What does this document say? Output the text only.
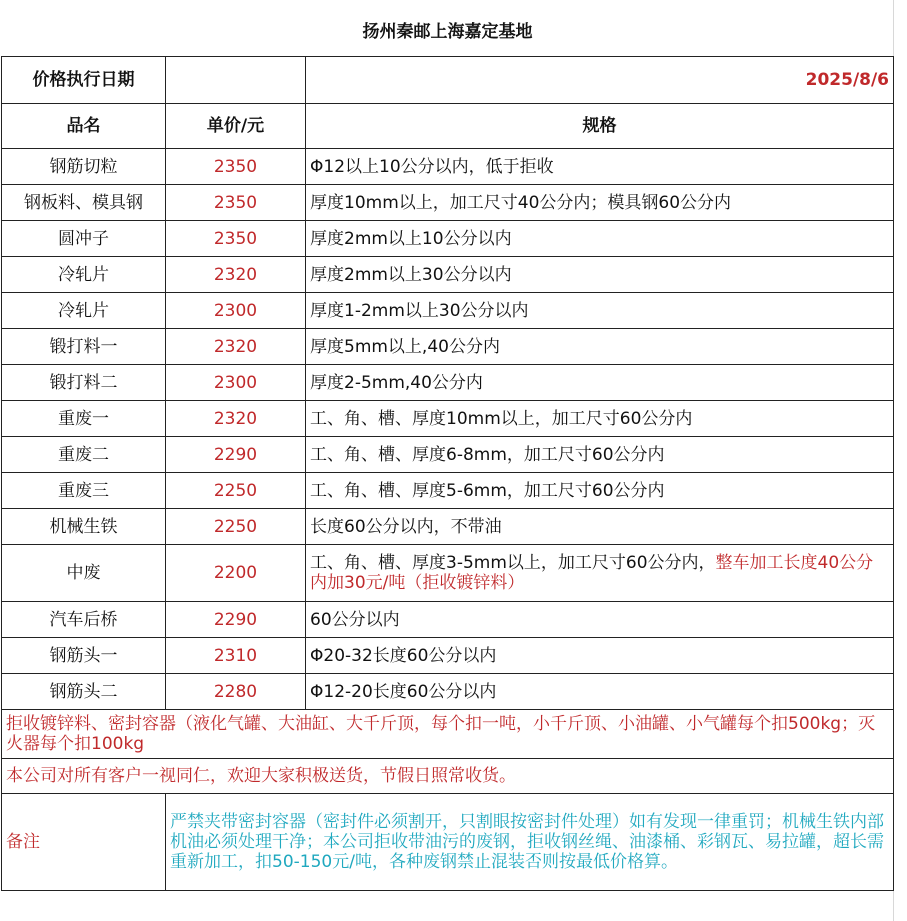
扬州秦邮上海嘉定基地		
价格执行日期		2025/8/6
品名	单价/元	规格
钢筋切粒	2350	Φ12以上10公分以内，低于拒收
钢板料、模具钢	2350	厚度10mm以上，加工尺寸40公分内；模具钢60公分内
圆冲子	2350	厚度2mm以上10公分以内
冷轧片	2320	厚度2mm以上30公分以内
冷轧片	2300	厚度1-2mm以上30公分以内
锻打料一	2320	厚度5mm以上,40公分内
锻打料二	2300	厚度2-5mm,40公分内
重废一	2320	工、角、槽、厚度10mm以上，加工尺寸60公分内
重废二	2290	工、角、槽、厚度6-8mm，加工尺寸60公分内
重废三	2250	工、角、槽、厚度5-6mm，加工尺寸60公分内
机械生铁	2250	长度60公分以内，不带油
中废	2200	工、角、槽、厚度3-5mm以上，加工尺寸60公分内，整车加工长度40公分内加30元/吨（拒收镀锌料）
汽车后桥	2290	60公分以内
钢筋头一	2310	Φ20-32长度60公分以内
钢筋头二	2280	Φ12-20长度60公分以内
拒收镀锌料、密封容器（液化气罐、大油缸、大千斤顶，每个扣一吨，小千斤顶、小油罐、小气罐每个扣500kg；灭火器每个扣100kg		
本公司对所有客户一视同仁，欢迎大家积极送货，节假日照常收货。		
备注	严禁夹带密封容器（密封件必须割开，只割眼按密封件处理）如有发现一律重罚；机械生铁内部机油必须处理干净；本公司拒收带油污的废钢，拒收钢丝绳、油漆桶、彩钢瓦、易拉罐，超长需重新加工，扣50-150元/吨，各种废钢禁止混装否则按最低价格算。	
